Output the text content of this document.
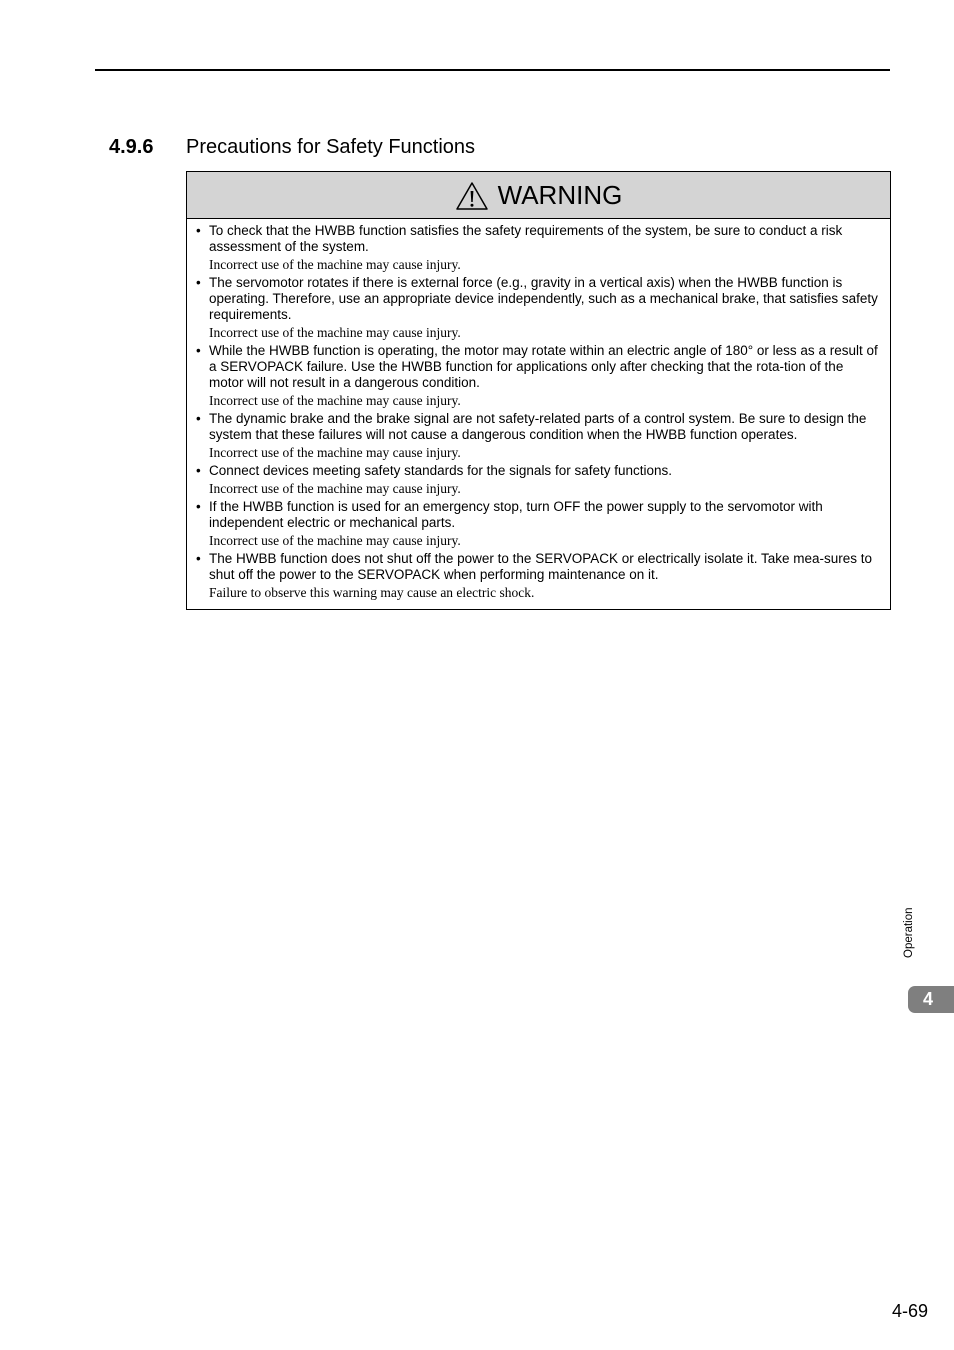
4.9.6 Precautions for Safety Functions
WARNING
• To check that the HWBB function satisfies the safety requirements of the system, be sure to conduct a risk assessment of the system.
Incorrect use of the machine may cause injury.
• The servomotor rotates if there is external force (e.g., gravity in a vertical axis) when the HWBB function is operating. Therefore, use an appropriate device independently, such as a mechanical brake, that satisfies safety requirements.
Incorrect use of the machine may cause injury.
• While the HWBB function is operating, the motor may rotate within an electric angle of 180° or less as a result of a SERVOPACK failure. Use the HWBB function for applications only after checking that the rota-tion of the motor will not result in a dangerous condition.
Incorrect use of the machine may cause injury.
• The dynamic brake and the brake signal are not safety-related parts of a control system. Be sure to design the system that these failures will not cause a dangerous condition when the HWBB function operates.
Incorrect use of the machine may cause injury.
• Connect devices meeting safety standards for the signals for safety functions.
Incorrect use of the machine may cause injury.
• If the HWBB function is used for an emergency stop, turn OFF the power supply to the servomotor with independent electric or mechanical parts.
Incorrect use of the machine may cause injury.
• The HWBB function does not shut off the power to the SERVOPACK or electrically isolate it. Take mea-sures to shut off the power to the SERVOPACK when performing maintenance on it.
Failure to observe this warning may cause an electric shock.
Operation
4
4-69
